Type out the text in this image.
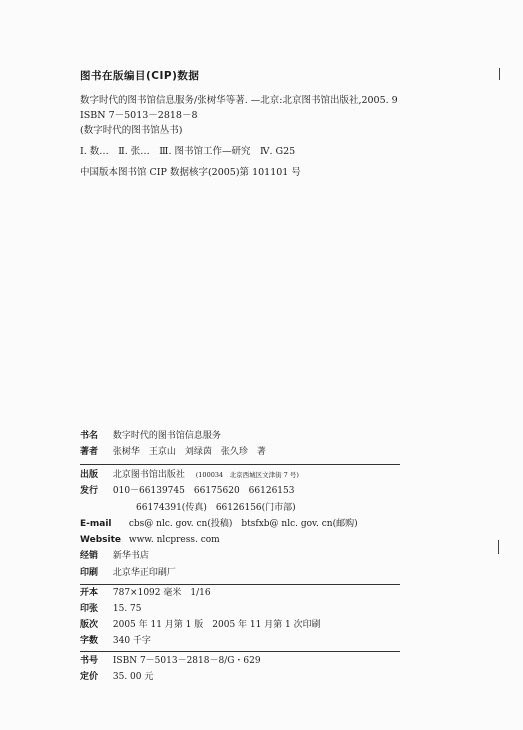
图书在版编目(CIP)数据
数字时代的图书馆信息服务/张树华等著. —北京:北京图书馆出版社,2005. 9
ISBN 7－5013－2818－8
(数字时代的图书馆丛书)
Ⅰ. 数…　Ⅱ. 张…　Ⅲ. 图书馆工作—研究　Ⅳ. G25
中国版本图书馆 CIP 数据核字(2005)第 101101 号
书名 数字时代的图书馆信息服务
著者 张树华　王京山　刘绿茵　张久珍　著
出版 北京图书馆出版社 (100034　北京西城区文津街 7 号)
发行 010－66139745　66175620　66126153
66174391(传真)　66126156(门市部)
E-mail cbs@ nlc. gov. cn(投稿)　btsfxb@ nlc. gov. cn(邮购)
Website www. nlcpress. com
经销 新华书店
印刷 北京华正印刷厂
开本 787×1092 毫米　1/16
印张 15. 75
版次 2005 年 11 月第 1 版　2005 年 11 月第 1 次印刷
字数 340 千字
书号 ISBN 7－5013－2818－8/G・629
定价 35. 00 元
